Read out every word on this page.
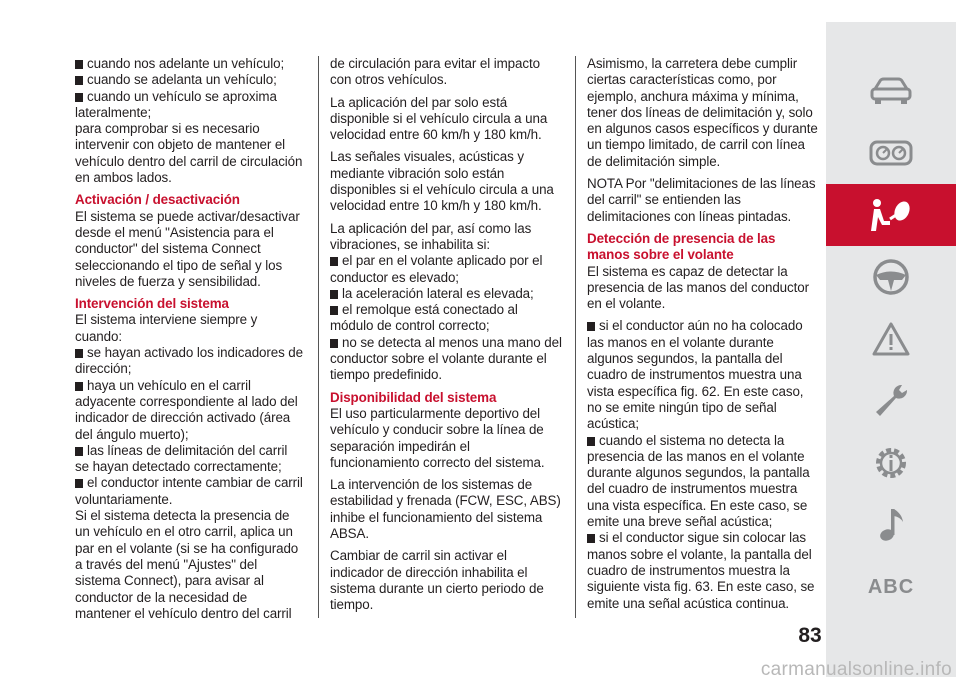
cuando nos adelante un vehículo;

cuando se adelanta un vehículo;

cuando un vehículo se aproxima lateralmente;

para comprobar si es necesario intervenir con objeto de mantener el vehículo dentro del carril de circulación en ambos lados.

Activación / desactivación

El sistema se puede activar/desactivar desde el menú "Asistencia para el conductor" del sistema Connect seleccionando el tipo de señal y los niveles de fuerza y sensibilidad.

Intervención del sistema

El sistema interviene siempre y cuando:

se hayan activado los indicadores de dirección;

haya un vehículo en el carril adyacente correspondiente al lado del indicador de dirección activado (área del ángulo muerto);

las líneas de delimitación del carril se hayan detectado correctamente;

el conductor intente cambiar de carril voluntariamente.

Si el sistema detecta la presencia de un vehículo en el otro carril, aplica un par en el volante (si se ha configurado a través del menú "Ajustes" del sistema Connect), para avisar al conductor de la necesidad de mantener el vehículo dentro del carril

de circulación para evitar el impacto con otros vehículos.

La aplicación del par solo está disponible si el vehículo circula a una velocidad entre 60 km/h y 180 km/h.

Las señales visuales, acústicas y mediante vibración solo están disponibles si el vehículo circula a una velocidad entre 10 km/h y 180 km/h.

La aplicación del par, así como las vibraciones, se inhabilita si:

el par en el volante aplicado por el conductor es elevado;

la aceleración lateral es elevada;

el remolque está conectado al módulo de control correcto;

no se detecta al menos una mano del conductor sobre el volante durante el tiempo predefinido.

Disponibilidad del sistema

El uso particularmente deportivo del vehículo y conducir sobre la línea de separación impedirán el funcionamiento correcto del sistema.

La intervención de los sistemas de estabilidad y frenada (FCW, ESC, ABS) inhibe el funcionamiento del sistema ABSA.

Cambiar de carril sin activar el indicador de dirección inhabilita el sistema durante un cierto periodo de tiempo.

Asimismo, la carretera debe cumplir ciertas características como, por ejemplo, anchura máxima y mínima, tener dos líneas de delimitación y, solo en algunos casos específicos y durante un tiempo limitado, de carril con línea de delimitación simple.

NOTA Por "delimitaciones de las líneas del carril" se entienden las delimitaciones con líneas pintadas.

Detección de presencia de las manos sobre el volante

El sistema es capaz de detectar la presencia de las manos del conductor en el volante.

si el conductor aún no ha colocado las manos en el volante durante algunos segundos, la pantalla del cuadro de instrumentos muestra una vista específica fig. 62. En este caso, no se emite ningún tipo de señal acústica;

cuando el sistema no detecta la presencia de las manos en el volante durante algunos segundos, la pantalla del cuadro de instrumentos muestra una vista específica. En este caso, se emite una breve señal acústica;

si el conductor sigue sin colocar las manos sobre el volante, la pantalla del cuadro de instrumentos muestra la siguiente vista fig. 63. En este caso, se emite una señal acústica continua.

ABC
83
carmanualsonline.info
